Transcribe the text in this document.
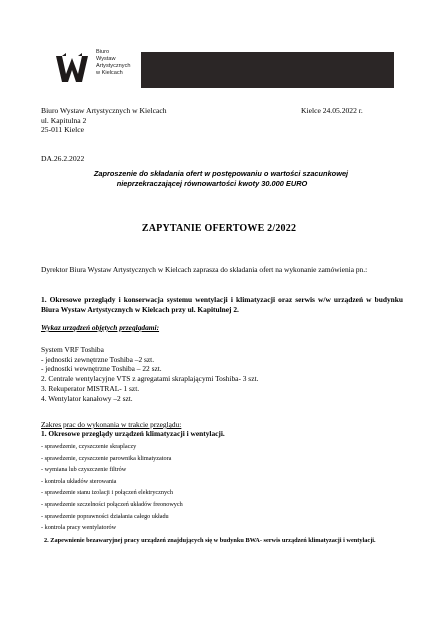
Biuro
Wystaw
Artystycznych
w Kielcach
Biuro Wystaw Artystycznych w Kielcach
ul. Kapitulna 2
25-011 Kielce
Kielce 24.05.2022 r.
DA.26.2.2022
Zaproszenie do składania ofert w postępowaniu o wartości szacunkowej
nieprzekraczającej równowartości kwoty 30.000 EURO
ZAPYTANIE OFERTOWE 2/2022
Dyrektor Biura Wystaw Artystycznych w Kielcach zaprasza do składania ofert na wykonanie zamówienia pn.:
1. Okresowe przeglądy i konserwacja systemu wentylacji i klimatyzacji oraz serwis w/w urządzeń w budynku Biura Wystaw Artystycznych w Kielcach przy ul. Kapitulnej 2.
Wykaz urządzeń objętych przeglądami:
System VRF Toshiba
- jednostki zewnętrzne Toshiba –2 szt.
- jednostki wewnętrzne Toshiba – 22 szt.
2. Centrale wentylacyjne VTS z agregatami skraplającymi Toshiba- 3 szt.
3. Rekuperator MISTRAL- 1 szt.
4. Wentylator kanałowy –2 szt.
Zakres prac do wykonania w trakcie przeglądu:
1. Okresowe przeglądy urządzeń klimatyzacji i wentylacji.
- sprawdzenie, czyszczenie skraplaczy
- sprawdzenie, czyszczenie parownika klimatyzatora
- wymiana lub czyszczenie filtrów
- kontrola układów sterowania
- sprawdzenie stanu izolacji i połączeń elektrycznych
- sprawdzenie szczelności połączeń układów freonowych
- sprawdzenie poprawności działania całego układu
- kontrola pracy wentylatorów
2. Zapewnienie bezawaryjnej pracy urządzeń znajdujących się w budynku BWA- serwis urządzeń klimatyzacji i wentylacji.
